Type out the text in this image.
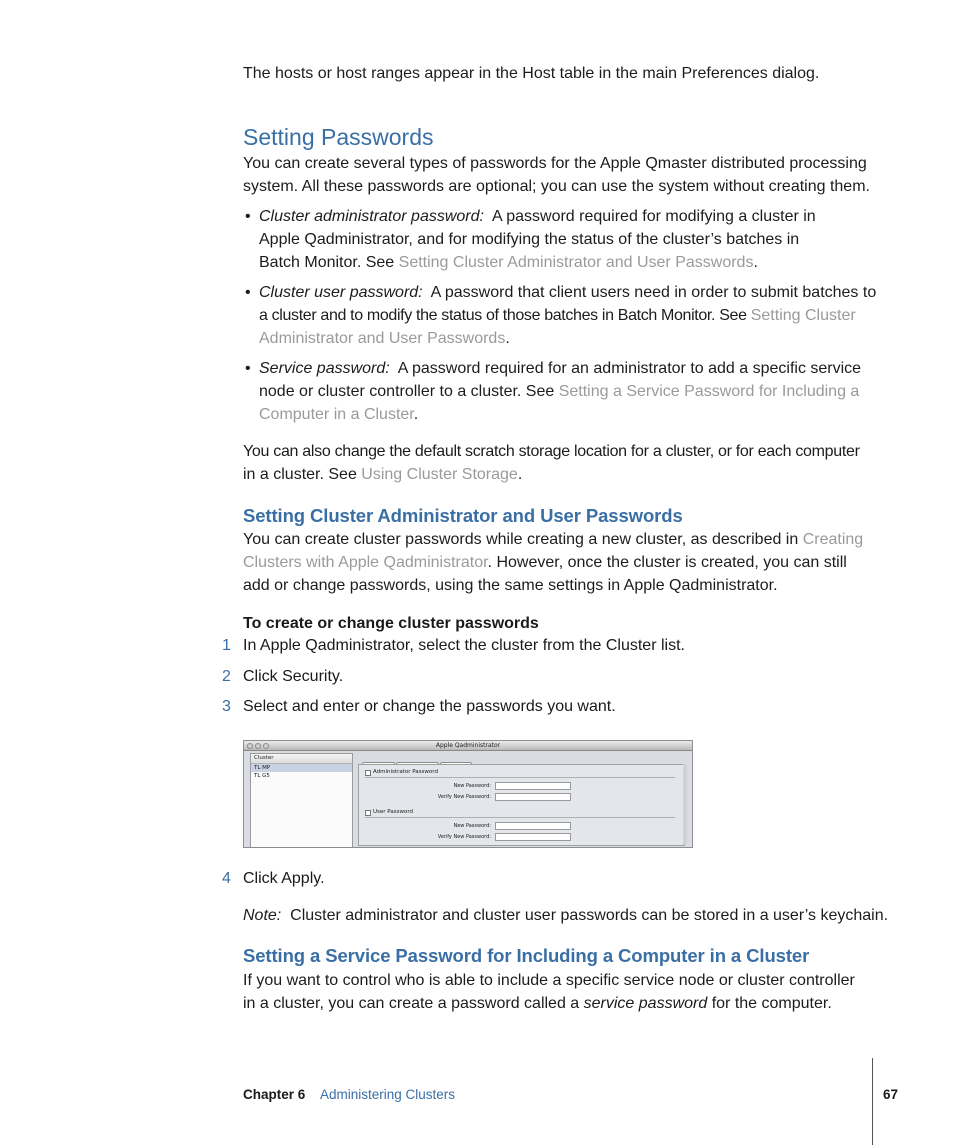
The hosts or host ranges appear in the Host table in the main Preferences dialog.
Setting Passwords
You can create several types of passwords for the Apple Qmaster distributed processing system. All these passwords are optional; you can use the system without creating them.
• Cluster administrator password: A password required for modifying a cluster in
Apple Qadministrator, and for modifying the status of the cluster’s batches in
Batch Monitor. See Setting Cluster Administrator and User Passwords.
• Cluster user password: A password that client users need in order to submit batches to
a cluster and to modify the status of those batches in Batch Monitor. See Setting Cluster
Administrator and User Passwords.
• Service password: A password required for an administrator to add a specific service
node or cluster controller to a cluster. See Setting a Service Password for Including a
Computer in a Cluster.
You can also change the default scratch storage location for a cluster, or for each computer
in a cluster. See Using Cluster Storage.
Setting Cluster Administrator and User Passwords
You can create cluster passwords while creating a new cluster, as described in Creating
Clusters with Apple Qadministrator. However, once the cluster is created, you can still
add or change passwords, using the same settings in Apple Qadministrator.
To create or change cluster passwords
1 In Apple Qadministrator, select the cluster from the Cluster list.
2 Click Security.
3 Select and enter or change the passwords you want.
Apple Qadministrator
Cluster
TL MP
TL G5
Administrator Password
New Password:
Verify New Password:
User Password
New Password:
Verify New Password:
4 Click Apply.
Note: Cluster administrator and cluster user passwords can be stored in a user’s keychain.
Setting a Service Password for Including a Computer in a Cluster
If you want to control who is able to include a specific service node or cluster controller
in a cluster, you can create a password called a service password for the computer.
Chapter 6 Administering Clusters	67
